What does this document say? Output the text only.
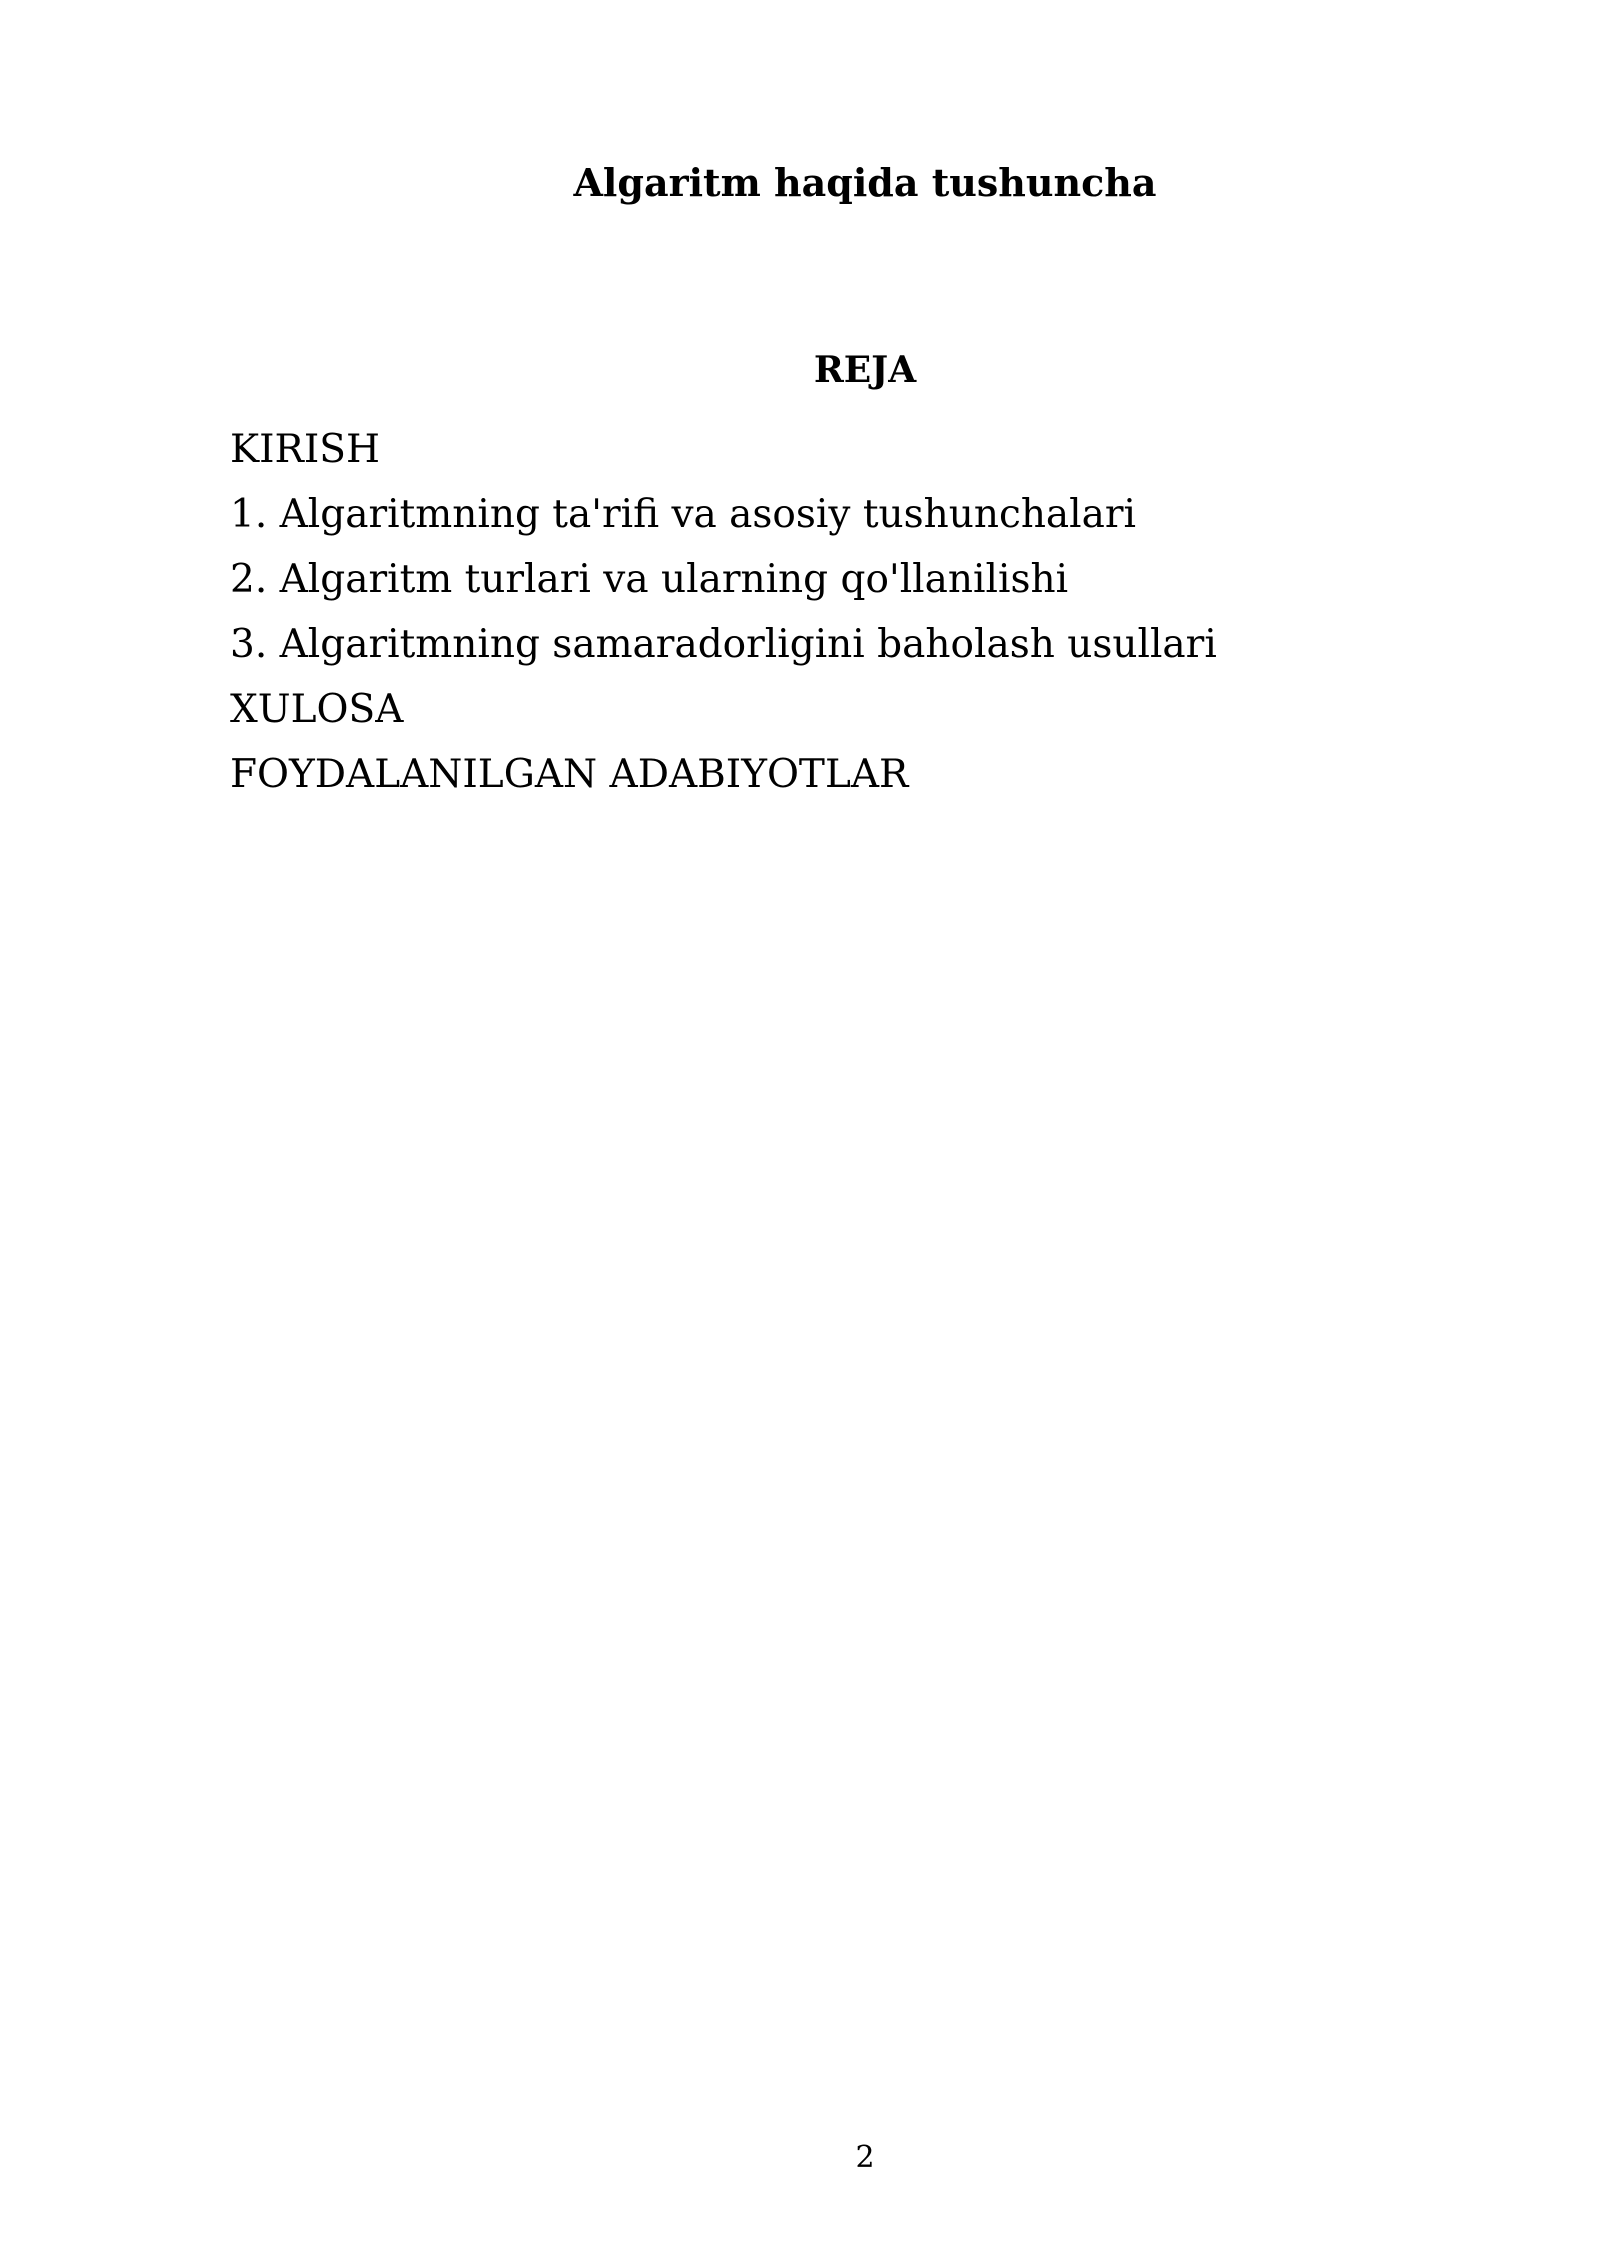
Algaritm haqida tushuncha
REJA
KIRISH
1. Algaritmning ta'rifi va asosiy tushunchalari
2. Algaritm turlari va ularning qo'llanilishi
3. Algaritmning samaradorligini baholash usullari
XULOSA
FOYDALANILGAN ADABIYOTLAR
2
